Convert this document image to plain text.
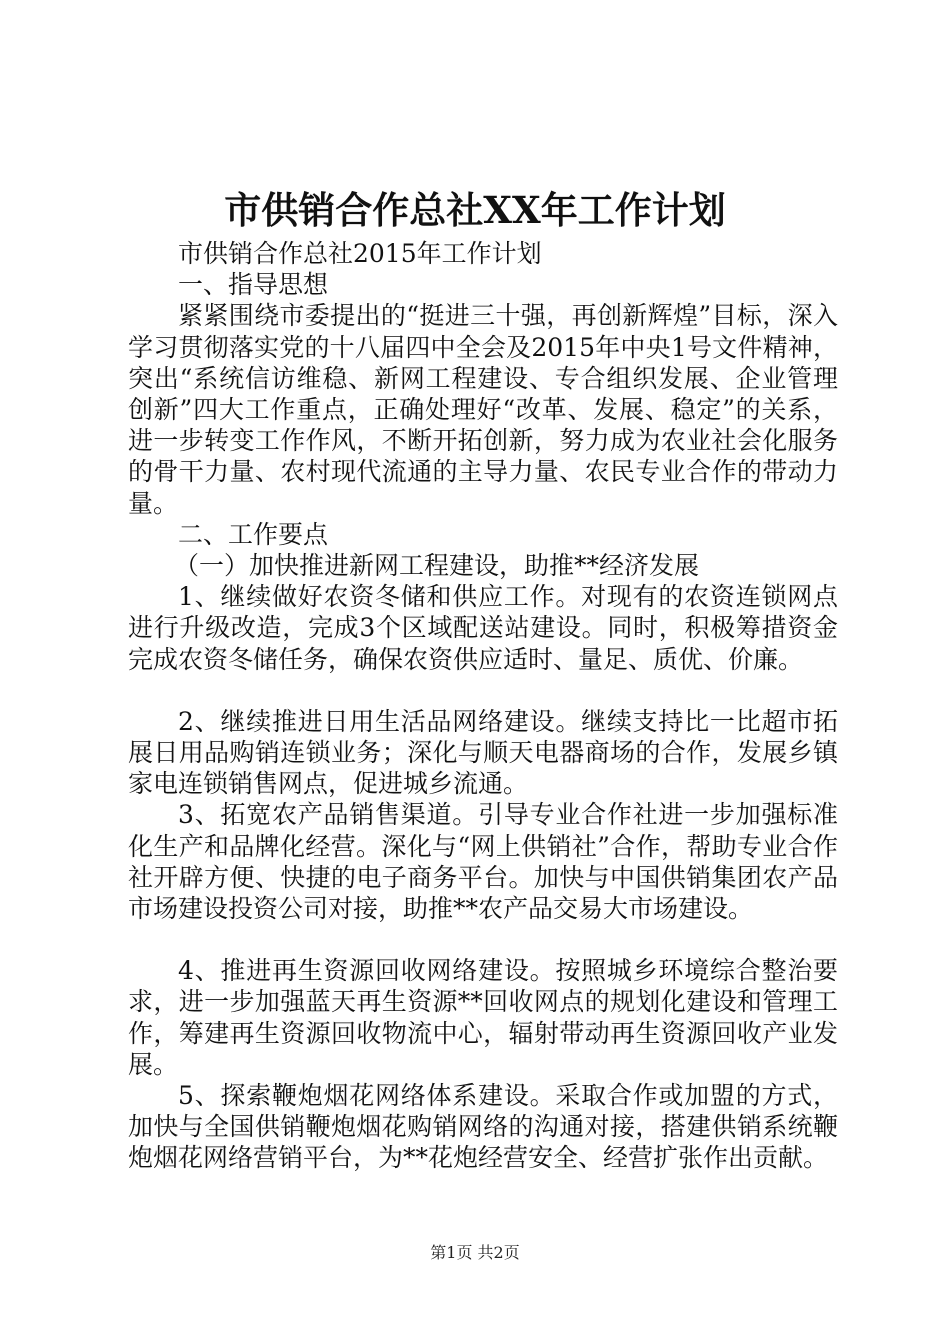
市供销合作总社XX年工作计划

市供销合作总社2015年工作计划

一、指导思想

紧紧围绕市委提出的“挺进三十强，再创新辉煌”目标，深入学习贯彻落实党的十八届四中全会及2015年中央1号文件精神，突出“系统信访维稳、新网工程建设、专合组织发展、企业管理创新”四大工作重点，正确处理好“改革、发展、稳定”的关系，进一步转变工作作风，不断开拓创新，努力成为农业社会化服务的骨干力量、农村现代流通的主导力量、农民专业合作的带动力量。

二、工作要点

（一）加快推进新网工程建设，助推**经济发展

1、继续做好农资冬储和供应工作。对现有的农资连锁网点进行升级改造，完成3个区域配送站建设。同时，积极筹措资金完成农资冬储任务，确保农资供应适时、量足、质优、价廉。

2、继续推进日用生活品网络建设。继续支持比一比超市拓展日用品购销连锁业务；深化与顺天电器商场的合作，发展乡镇家电连锁销售网点，促进城乡流通。

3、拓宽农产品销售渠道。引导专业合作社进一步加强标准化生产和品牌化经营。深化与“网上供销社”合作，帮助专业合作社开辟方便、快捷的电子商务平台。加快与中国供销集团农产品市场建设投资公司对接，助推**农产品交易大市场建设。

4、推进再生资源回收网络建设。按照城乡环境综合整治要求，进一步加强蓝天再生资源**回收网点的规划化建设和管理工作，筹建再生资源回收物流中心，辐射带动再生资源回收产业发展。

5、探索鞭炮烟花网络体系建设。采取合作或加盟的方式，加快与全国供销鞭炮烟花购销网络的沟通对接，搭建供销系统鞭炮烟花网络营销平台，为**花炮经营安全、经营扩张作出贡献。

第1页 共2页
